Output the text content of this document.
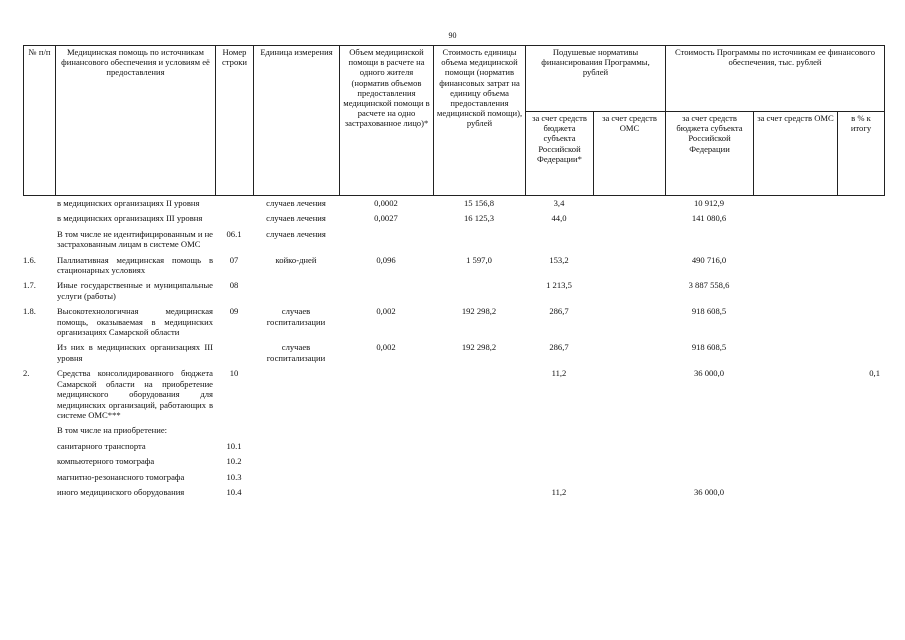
90
№ п/п	Медицинская помощь по источникам финансового обеспечения и условиям её предоставления	Номер строки	Единица измерения	Объем медицинской помощи в расчете на одного жителя (норматив объемов предоставления медицинской помощи в расчете на одно застрахованное лицо)*	Стоимость единицы объема медицинской помощи (норматив финансовых затрат на единицу объема предоставления медицинской помощи), рублей	Подушевые нормативы финансирования Программы, рублей		Стоимость Программы по источникам ее финансового обеспечения, тыс. рублей		
						за счет средств бюджета субъекта Российской Федерации*	за счет средств ОМС	за счет средств бюджета субъекта Российской Федерации	за счет средств ОМС	в % к итогу
	в медицинских организациях II уровня		случаев лечения	0,0002	15 156,8	3,4		10 912,9		
	в медицинских организациях III уровня		случаев лечения	0,0027	16 125,3	44,0		141 080,6		
	В том числе не идентифицированным и не застрахованным лицам в системе ОМС	06.1	случаев лечения							
1.6.	Паллиативная медицинская помощь в стационарных условиях	07	койко-дней	0,096	1 597,0	153,2		490 716,0		
1.7.	Иные государственные и муниципальные услуги (работы)	08				1 213,5		3 887 558,6		
1.8.	Высокотехнологичная медицинская помощь, оказываемая в медицинских организациях Самарской области	09	случаев госпитализации	0,002	192 298,2	286,7		918 608,5		
	Из них в медицинских организациях III уровня		случаев госпитализации	0,002	192 298,2	286,7		918 608,5		
2.	Средства консолидированного бюджета Самарской области на приобретение медицинского оборудования для медицинских организаций, работающих в системе ОМС***	10				11,2		36 000,0		0,1
	В том числе на приобретение:									
	санитарного транспорта	10.1								
	компьютерного томографа	10.2								
	магнитно-резонансного томографа	10.3								
	иного медицинского оборудования	10.4				11,2		36 000,0		
